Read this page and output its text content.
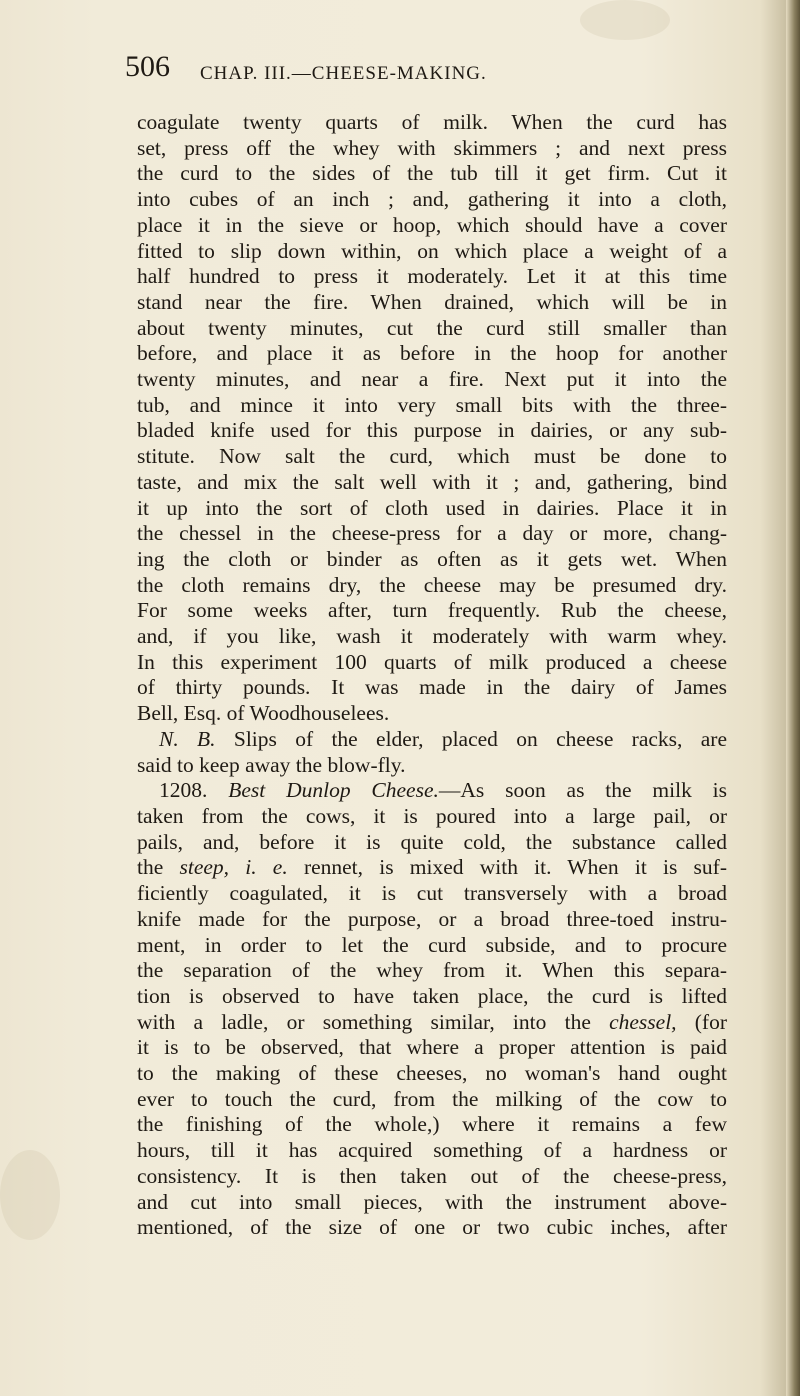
506 CHAP. III.—CHEESE-MAKING.
coagulate twenty quarts of milk. When the curd has
set, press off the whey with skimmers ; and next press
the curd to the sides of the tub till it get firm. Cut it
into cubes of an inch ; and, gathering it into a cloth,
place it in the sieve or hoop, which should have a cover
fitted to slip down within, on which place a weight of a
half hundred to press it moderately. Let it at this time
stand near the fire. When drained, which will be in
about twenty minutes, cut the curd still smaller than
before, and place it as before in the hoop for another
twenty minutes, and near a fire. Next put it into the
tub, and mince it into very small bits with the three-
bladed knife used for this purpose in dairies, or any sub-
stitute. Now salt the curd, which must be done to
taste, and mix the salt well with it ; and, gathering, bind
it up into the sort of cloth used in dairies. Place it in
the chessel in the cheese-press for a day or more, chang-
ing the cloth or binder as often as it gets wet. When
the cloth remains dry, the cheese may be presumed dry.
For some weeks after, turn frequently. Rub the cheese,
and, if you like, wash it moderately with warm whey.
In this experiment 100 quarts of milk produced a cheese
of thirty pounds. It was made in the dairy of James
Bell, Esq. of Woodhouselees.
N. B. Slips of the elder, placed on cheese racks, are
said to keep away the blow-fly.
1208. Best Dunlop Cheese.—As soon as the milk is
taken from the cows, it is poured into a large pail, or
pails, and, before it is quite cold, the substance called
the steep, i. e. rennet, is mixed with it. When it is suf-
ficiently coagulated, it is cut transversely with a broad
knife made for the purpose, or a broad three-toed instru-
ment, in order to let the curd subside, and to procure
the separation of the whey from it. When this separa-
tion is observed to have taken place, the curd is lifted
with a ladle, or something similar, into the chessel, (for
it is to be observed, that where a proper attention is paid
to the making of these cheeses, no woman's hand ought
ever to touch the curd, from the milking of the cow to
the finishing of the whole,) where it remains a few
hours, till it has acquired something of a hardness or
consistency. It is then taken out of the cheese-press,
and cut into small pieces, with the instrument above-
mentioned, of the size of one or two cubic inches, after
